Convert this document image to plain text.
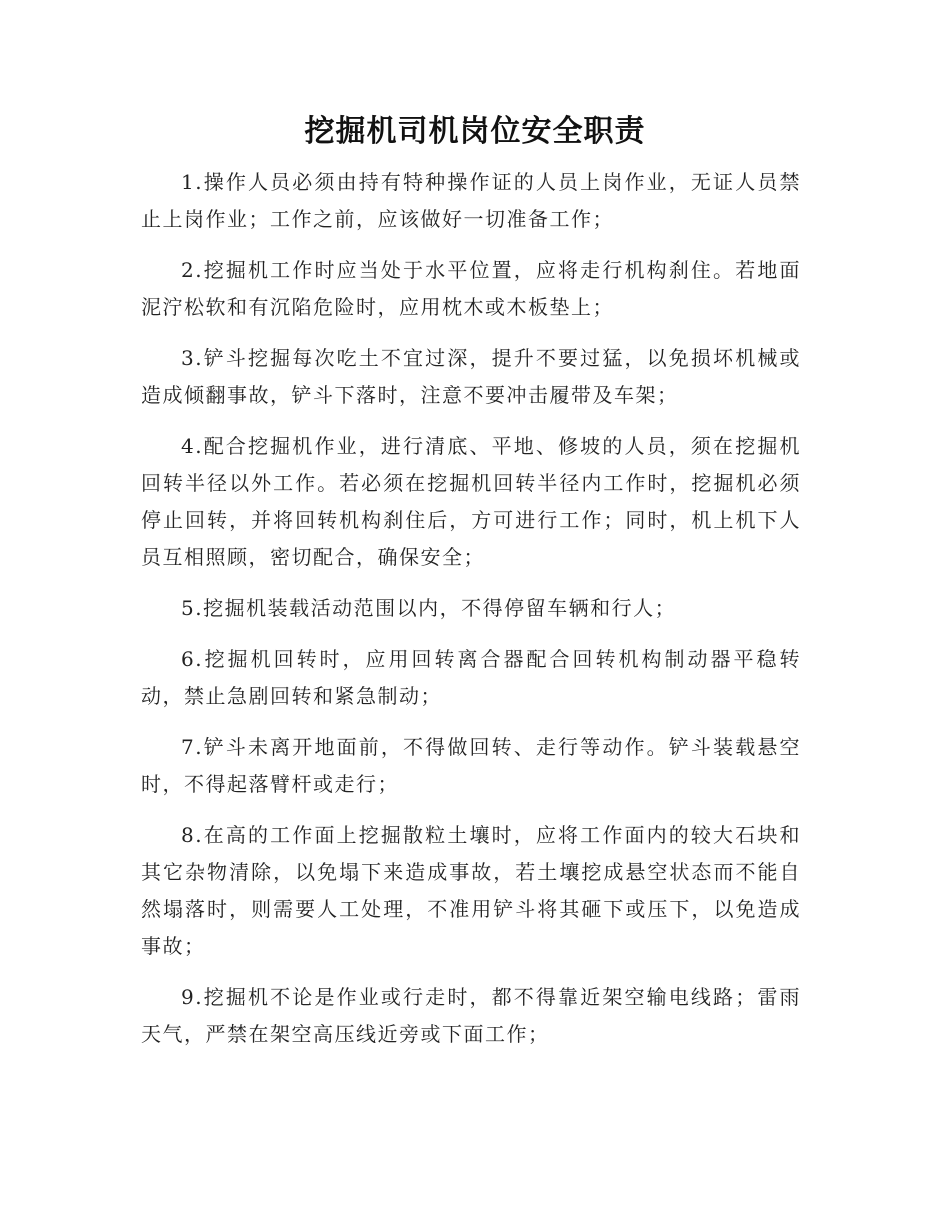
挖掘机司机岗位安全职责

1.操作人员必须由持有特种操作证的人员上岗作业，无证人员禁止上岗作业；工作之前，应该做好一切准备工作；

2.挖掘机工作时应当处于水平位置，应将走行机构刹住。若地面泥泞松软和有沉陷危险时，应用枕木或木板垫上；

3.铲斗挖掘每次吃土不宜过深，提升不要过猛，以免损坏机械或造成倾翻事故，铲斗下落时，注意不要冲击履带及车架；

4.配合挖掘机作业，进行清底、平地、修坡的人员，须在挖掘机回转半径以外工作。若必须在挖掘机回转半径内工作时，挖掘机必须停止回转，并将回转机构刹住后，方可进行工作；同时，机上机下人员互相照顾，密切配合，确保安全；

5.挖掘机装载活动范围以内，不得停留车辆和行人；

6.挖掘机回转时，应用回转离合器配合回转机构制动器平稳转动，禁止急剧回转和紧急制动；

7.铲斗未离开地面前，不得做回转、走行等动作。铲斗装载悬空时，不得起落臂杆或走行；

8.在高的工作面上挖掘散粒土壤时，应将工作面内的较大石块和其它杂物清除，以免塌下来造成事故，若土壤挖成悬空状态而不能自然塌落时，则需要人工处理，不准用铲斗将其砸下或压下，以免造成事故；

9.挖掘机不论是作业或行走时，都不得靠近架空输电线路；雷雨天气，严禁在架空高压线近旁或下面工作；
